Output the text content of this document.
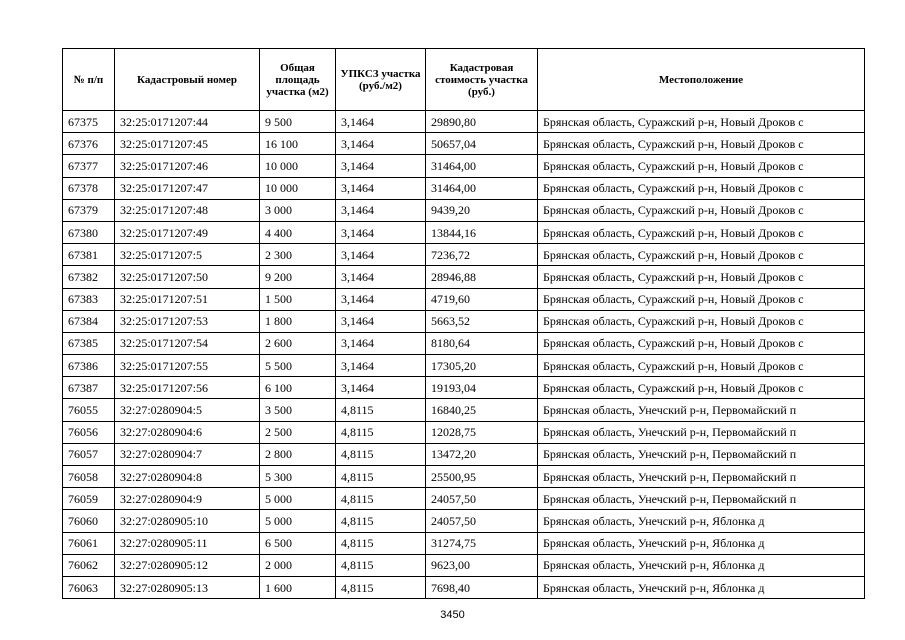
№ п/п	Кадастровый номер	Общая площадь участка (м2)	УПКСЗ участка (руб./м2)	Кадастровая стоимость участка (руб.)	Местоположение
67375	32:25:0171207:44	9 500	3,1464	29890,80	Брянская область, Суражский р-н, Новый Дроков с
67376	32:25:0171207:45	16 100	3,1464	50657,04	Брянская область, Суражский р-н, Новый Дроков с
67377	32:25:0171207:46	10 000	3,1464	31464,00	Брянская область, Суражский р-н, Новый Дроков с
67378	32:25:0171207:47	10 000	3,1464	31464,00	Брянская область, Суражский р-н, Новый Дроков с
67379	32:25:0171207:48	3 000	3,1464	9439,20	Брянская область, Суражский р-н, Новый Дроков с
67380	32:25:0171207:49	4 400	3,1464	13844,16	Брянская область, Суражский р-н, Новый Дроков с
67381	32:25:0171207:5	2 300	3,1464	7236,72	Брянская область, Суражский р-н, Новый Дроков с
67382	32:25:0171207:50	9 200	3,1464	28946,88	Брянская область, Суражский р-н, Новый Дроков с
67383	32:25:0171207:51	1 500	3,1464	4719,60	Брянская область, Суражский р-н, Новый Дроков с
67384	32:25:0171207:53	1 800	3,1464	5663,52	Брянская область, Суражский р-н, Новый Дроков с
67385	32:25:0171207:54	2 600	3,1464	8180,64	Брянская область, Суражский р-н, Новый Дроков с
67386	32:25:0171207:55	5 500	3,1464	17305,20	Брянская область, Суражский р-н, Новый Дроков с
67387	32:25:0171207:56	6 100	3,1464	19193,04	Брянская область, Суражский р-н, Новый Дроков с
76055	32:27:0280904:5	3 500	4,8115	16840,25	Брянская область, Унечский р-н, Первомайский п
76056	32:27:0280904:6	2 500	4,8115	12028,75	Брянская область, Унечский р-н, Первомайский п
76057	32:27:0280904:7	2 800	4,8115	13472,20	Брянская область, Унечский р-н, Первомайский п
76058	32:27:0280904:8	5 300	4,8115	25500,95	Брянская область, Унечский р-н, Первомайский п
76059	32:27:0280904:9	5 000	4,8115	24057,50	Брянская область, Унечский р-н, Первомайский п
76060	32:27:0280905:10	5 000	4,8115	24057,50	Брянская область, Унечский р-н, Яблонка д
76061	32:27:0280905:11	6 500	4,8115	31274,75	Брянская область, Унечский р-н, Яблонка д
76062	32:27:0280905:12	2 000	4,8115	9623,00	Брянская область, Унечский р-н, Яблонка д
76063	32:27:0280905:13	1 600	4,8115	7698,40	Брянская область, Унечский р-н, Яблонка д
3450
